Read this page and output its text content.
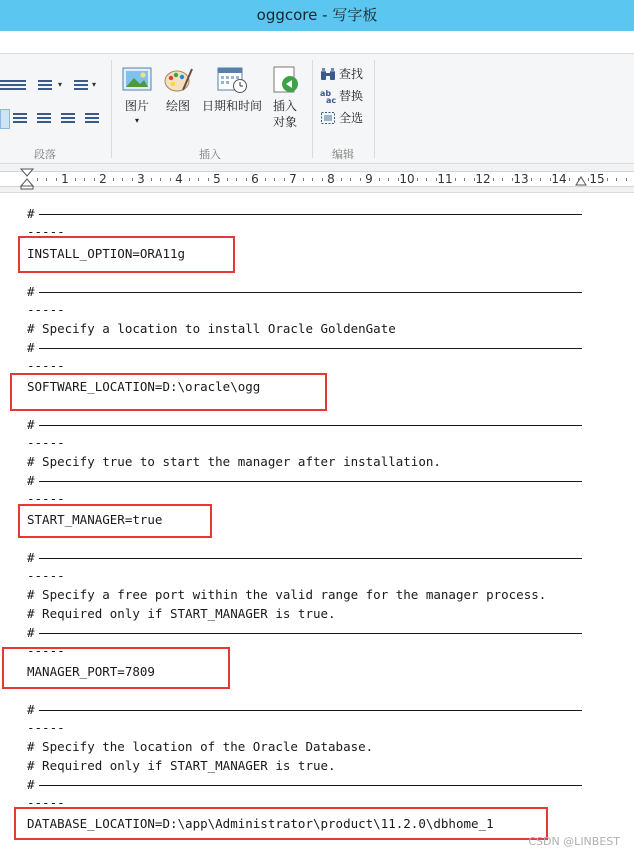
oggcore - 写字板
▾	▾
段落
图片
▾
绘图 日期和时间 插入
对象
插入
查找
ab
ac 替换
全选
编辑
1	2	3	4	5	6	7	8	9	10 11 12 13 14 15
#
-----
INSTALL_OPTION=ORA11g
#
-----
# Specify a location to install Oracle GoldenGate
#
-----
SOFTWARE_LOCATION=D:\oracle\ogg
#
-----
# Specify true to start the manager after installation.
#
-----
START_MANAGER=true
#
-----
# Specify a free port within the valid range for the manager process.
# Required only if START_MANAGER is true.
#
-----
MANAGER_PORT=7809
#
-----
# Specify the location of the Oracle Database.
# Required only if START_MANAGER is true.
#
-----
DATABASE_LOCATION=D:\app\Administrator\product\11.2.0\dbhome_1
CSDN @LINBEST
